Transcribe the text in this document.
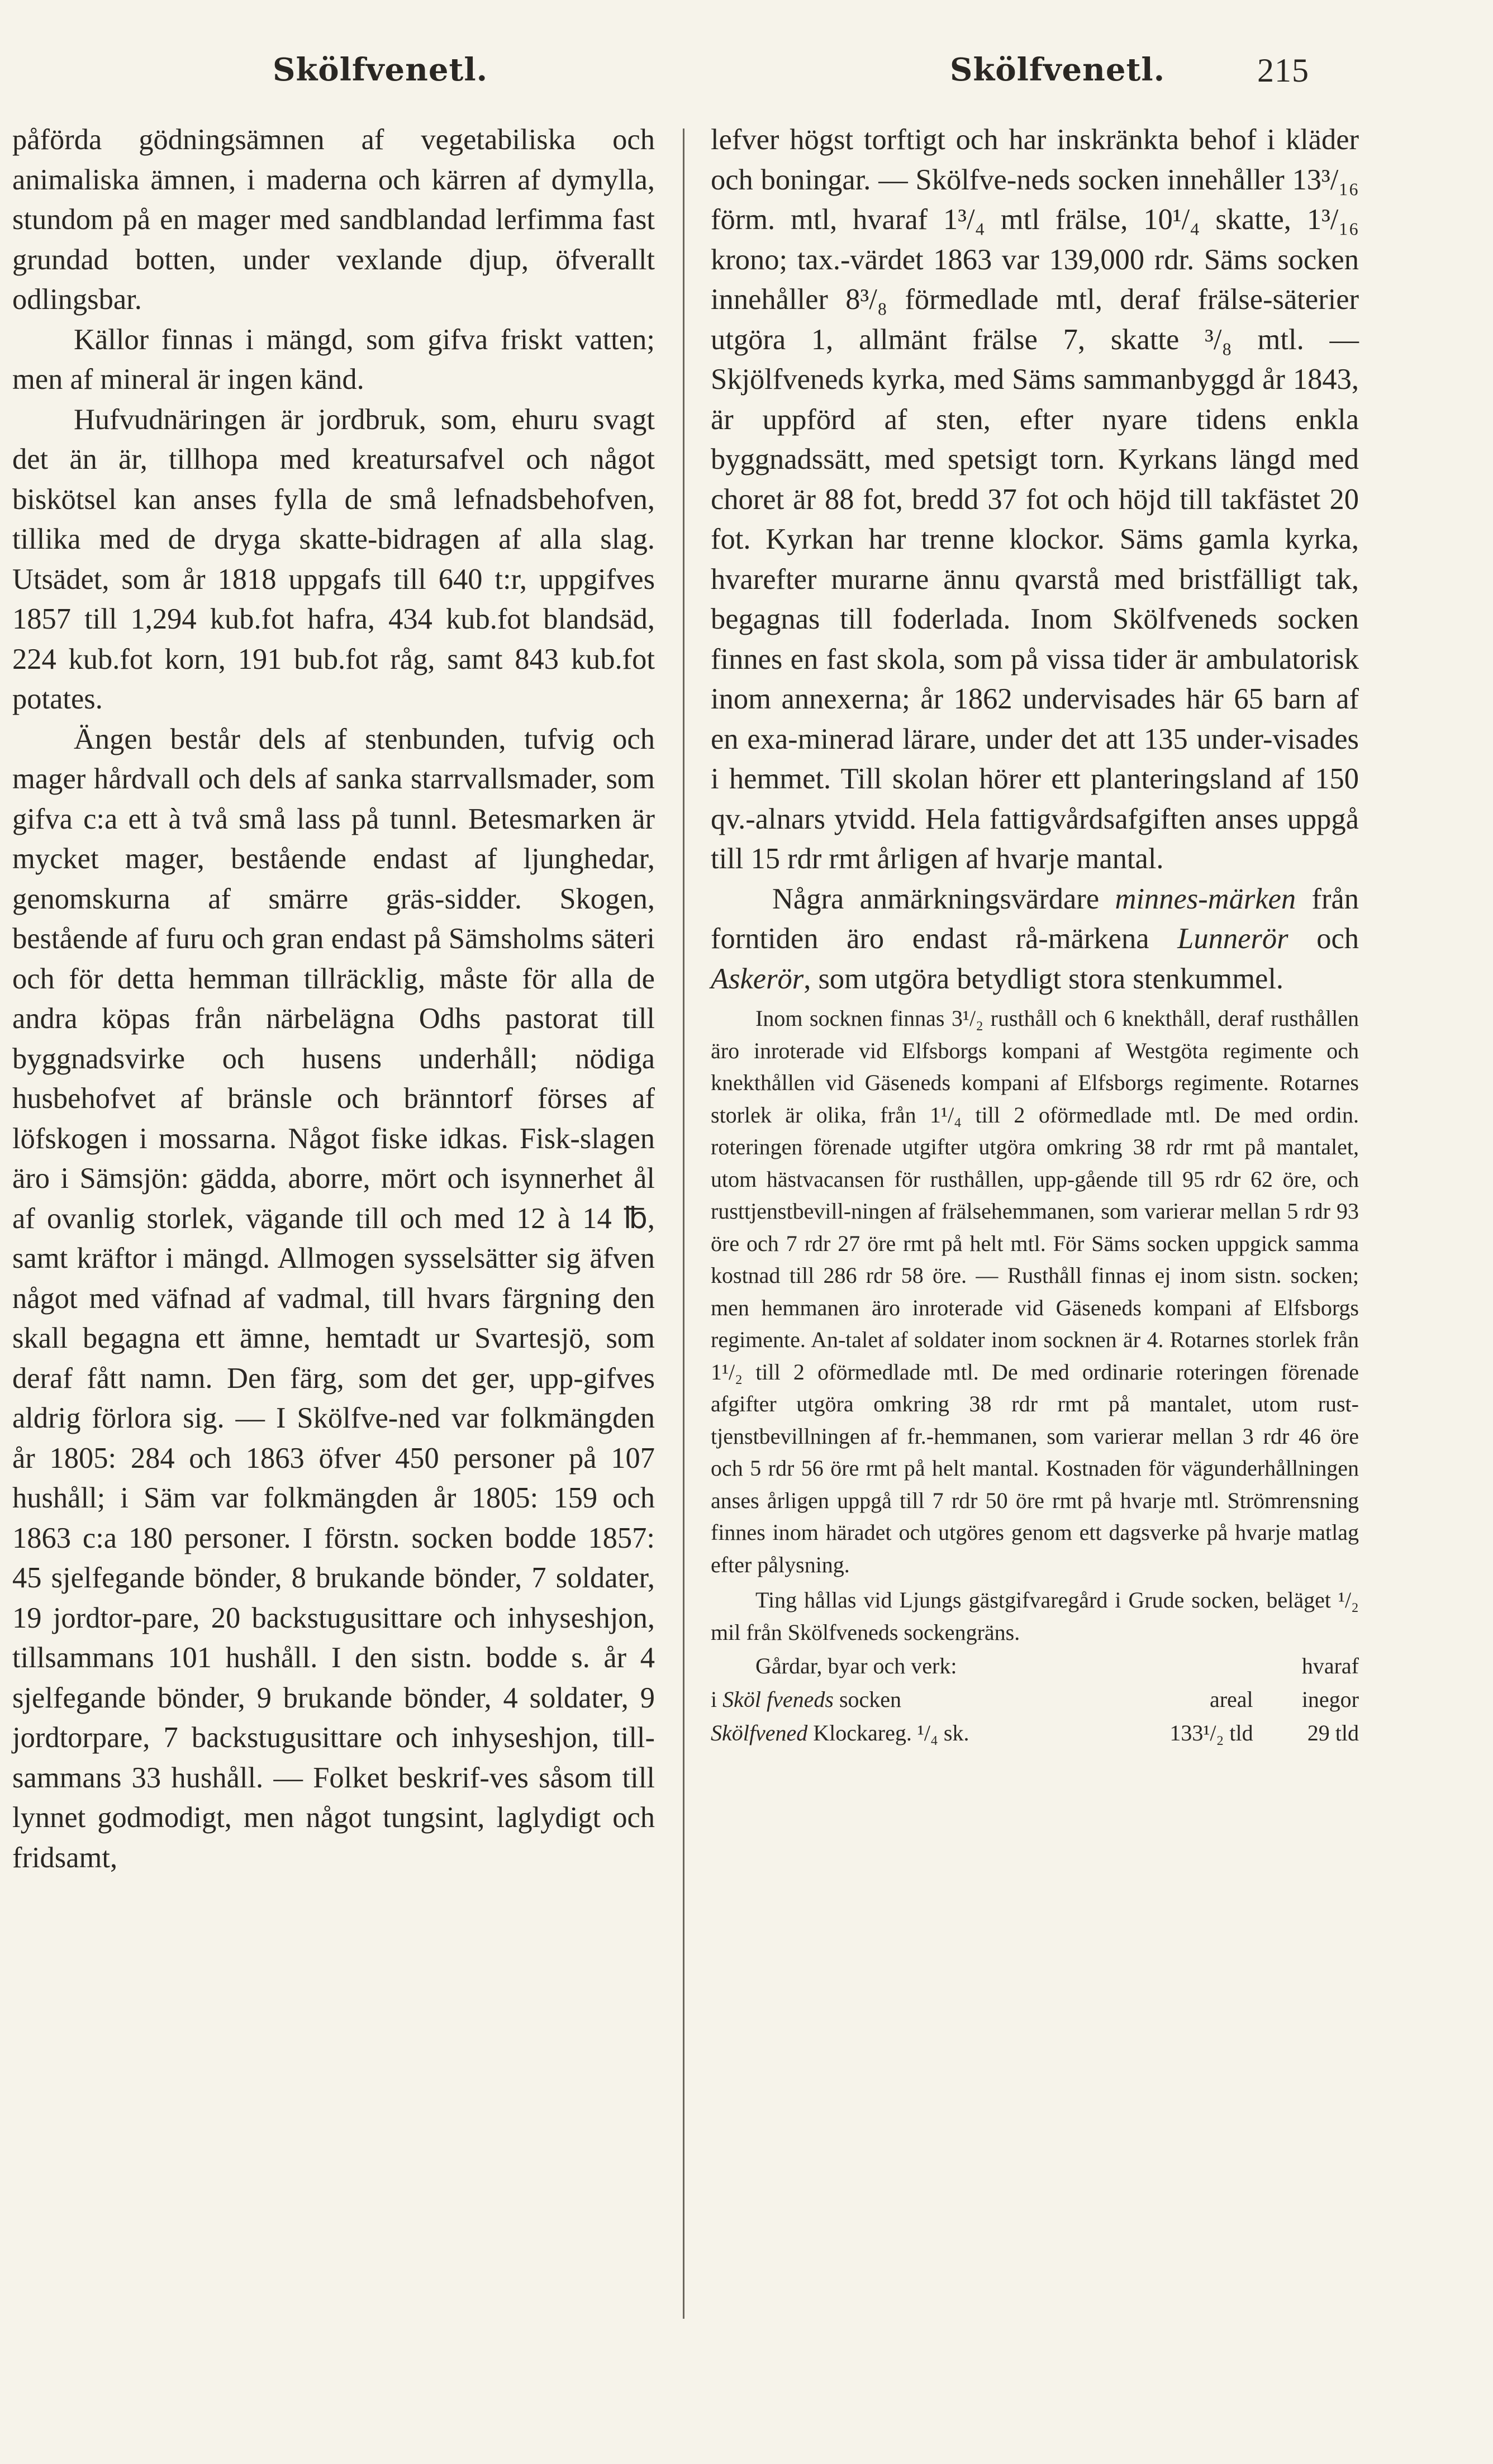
Skölfvenetl.	Skölfvenetl.	215

påförda gödningsämnen af vegetabiliska och animaliska ämnen, i maderna och kärren af dymylla, stundom på en mager med sandblandad lerfimma fast grundad botten, under vexlande djup, öfverallt odlingsbar.

Källor finnas i mängd, som gifva friskt vatten; men af mineral är ingen känd.

Hufvudnäringen är jordbruk, som, ehuru svagt det än är, tillhopa med kreatursafvel och något biskötsel kan anses fylla de små lefnadsbehofven, tillika med de dryga skatte-bidragen af alla slag. Utsädet, som år 1818 uppgafs till 640 t:r, uppgifves 1857 till 1,294 kub.fot hafra, 434 kub.fot blandsäd, 224 kub.fot korn, 191 bub.fot råg, samt 843 kub.fot potates.

Ängen består dels af stenbunden, tufvig och mager hårdvall och dels af sanka starrvallsmader, som gifva c:a ett à två små lass på tunnl. Betesmarken är mycket mager, bestående endast af ljunghedar, genomskurna af smärre gräs-sidder. Skogen, bestående af furu och gran endast på Sämsholms säteri och för detta hemman tillräcklig, måste för alla de andra köpas från närbelägna Odhs pastorat till byggnadsvirke och husens underhåll; nödiga husbehofvet af bränsle och bränntorf förses af löfskogen i mossarna. Något fiske idkas. Fisk-slagen äro i Sämsjön: gädda, aborre, mört och isynnerhet ål af ovanlig storlek, vägande till och med 12 à 14 ℔, samt kräftor i mängd. Allmogen sysselsätter sig äfven något med väfnad af vadmal, till hvars färgning den skall begagna ett ämne, hemtadt ur Svartesjö, som deraf fått namn. Den färg, som det ger, upp-gifves aldrig förlora sig. — I Skölfve-ned var folkmängden år 1805: 284 och 1863 öfver 450 personer på 107 hushåll; i Säm var folkmängden år 1805: 159 och 1863 c:a 180 personer. I förstn. socken bodde 1857: 45 sjelfegande bönder, 8 brukande bönder, 7 soldater, 19 jordtor-pare, 20 backstugusittare och inhyseshjon, tillsammans 101 hushåll. I den sistn. bodde s. år 4 sjelfegande bönder, 9 brukande bönder, 4 soldater, 9 jordtorpare, 7 backstugusittare och inhyseshjon, till-sammans 33 hushåll. — Folket beskrif-ves såsom till lynnet godmodigt, men något tungsint, laglydigt och fridsamt,

lefver högst torftigt och har inskränkta behof i kläder och boningar. — Skölfve-neds socken innehåller 13³/₁₆ förm. mtl, hvaraf 1³/₄ mtl frälse, 10¹/₄ skatte, 1³/₁₆ krono; tax.-värdet 1863 var 139,000 rdr. Säms socken innehåller 8³/₈ förmedlade mtl, deraf frälse-säterier utgöra 1, allmänt frälse 7, skatte ³/₈ mtl. — Skjölfveneds kyrka, med Säms sammanbyggd år 1843, är uppförd af sten, efter nyare tidens enkla byggnadssätt, med spetsigt torn. Kyrkans längd med choret är 88 fot, bredd 37 fot och höjd till takfästet 20 fot. Kyrkan har trenne klockor. Säms gamla kyrka, hvarefter murarne ännu qvarstå med bristfälligt tak, begagnas till foderlada. Inom Skölfveneds socken finnes en fast skola, som på vissa tider är ambulatorisk inom annexerna; år 1862 undervisades här 65 barn af en exa-minerad lärare, under det att 135 under-visades i hemmet. Till skolan hörer ett planteringsland af 150 qv.-alnars ytvidd. Hela fattigvårdsafgiften anses uppgå till 15 rdr rmt årligen af hvarje mantal.

Några anmärkningsvärdare minnes-märken från forntiden äro endast rå-märkena Lunnerör och Askerör, som utgöra betydligt stora stenkummel.

Inom socknen finnas 3¹/₂ rusthåll och 6 knekthåll, deraf rusthållen äro inroterade vid Elfsborgs kompani af Westgöta regimente och knekthållen vid Gäseneds kompani af Elfsborgs regimente. Rotarnes storlek är olika, från 1¹/₄ till 2 oförmedlade mtl. De med ordin. roteringen förenade utgifter utgöra omkring 38 rdr rmt på mantalet, utom hästvacansen för rusthållen, upp-gående till 95 rdr 62 öre, och rusttjenstbevill-ningen af frälsehemmanen, som varierar mellan 5 rdr 93 öre och 7 rdr 27 öre rmt på helt mtl. För Säms socken uppgick samma kostnad till 286 rdr 58 öre. — Rusthåll finnas ej inom sistn. socken; men hemmanen äro inroterade vid Gäseneds kompani af Elfsborgs regimente. An-talet af soldater inom socknen är 4. Rotarnes storlek från 1¹/₂ till 2 oförmedlade mtl. De med ordinarie roteringen förenade afgifter utgöra omkring 38 rdr rmt på mantalet, utom rust-tjenstbevillningen af fr.-hemmanen, som varierar mellan 3 rdr 46 öre och 5 rdr 56 öre rmt på helt mantal. Kostnaden för vägunderhållningen anses årligen uppgå till 7 rdr 50 öre rmt på hvarje mtl. Strömrensning finnes inom häradet och utgöres genom ett dagsverke på hvarje matlag efter pålysning.

Ting hållas vid Ljungs gästgifvaregård i Grude socken, beläget ¹/₂ mil från Skölfveneds sockengräns.

Gårdar, byar och verk:		hvaraf
i Sköl fveneds socken	areal	inegor
Skölfvened Klockareg. ¹/₄ sk.	133¹/₂ tld	29 tld
